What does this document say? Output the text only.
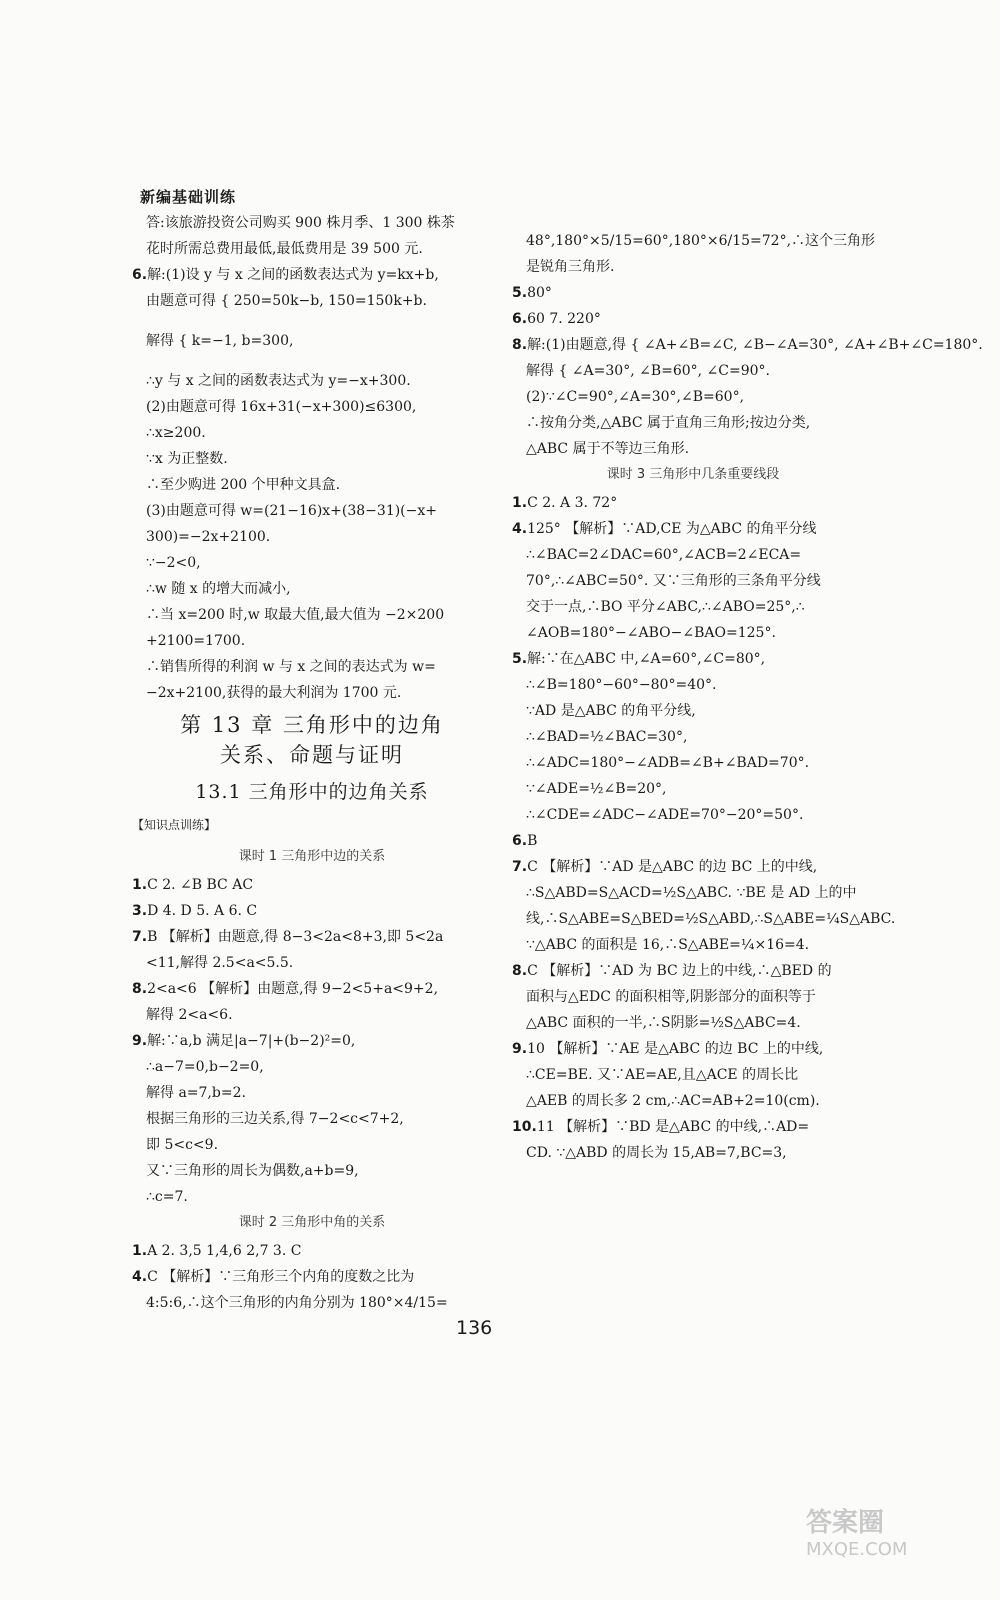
新编基础训练
答:该旅游投资公司购买 900 株月季、1 300 株茶
花时所需总费用最低,最低费用是 39 500 元.
6.解:(1)设 y 与 x 之间的函数表达式为 y=kx+b,
由题意可得 { 250=50k−b, 150=150k+b.
解得 { k=−1, b=300,
∴y 与 x 之间的函数表达式为 y=−x+300.
(2)由题意可得 16x+31(−x+300)≤6300,
∴x≥200.
∵x 为正整数.
∴至少购进 200 个甲种文具盒.
(3)由题意可得 w=(21−16)x+(38−31)(−x+
300)=−2x+2100.
∵−2<0,
∴w 随 x 的增大而减小,
∴当 x=200 时,w 取最大值,最大值为 −2×200
+2100=1700.
∴销售所得的利润 w 与 x 之间的表达式为 w=
−2x+2100,获得的最大利润为 1700 元.
第 13 章 三角形中的边角
关系、命题与证明
13.1 三角形中的边角关系
【知识点训练】
课时 1 三角形中边的关系
1.C 2. ∠B BC AC
3.D 4. D 5. A 6. C
7.B 【解析】由题意,得 8−3<2a<8+3,即 5<2a
<11,解得 2.5<a<5.5.
8.2<a<6 【解析】由题意,得 9−2<5+a<9+2,
解得 2<a<6.
9.解:∵a,b 满足|a−7|+(b−2)²=0,
∴a−7=0,b−2=0,
解得 a=7,b=2.
根据三角形的三边关系,得 7−2<c<7+2,
即 5<c<9.
又∵三角形的周长为偶数,a+b=9,
∴c=7.
课时 2 三角形中角的关系
1.A 2. 3,5 1,4,6 2,7 3. C
4.C 【解析】∵三角形三个内角的度数之比为
4:5:6,∴这个三角形的内角分别为 180°×4/15=
48°,180°×5/15=60°,180°×6/15=72°,∴这个三角形
是锐角三角形.
5.80°
6.60 7. 220°
8.解:(1)由题意,得 { ∠A+∠B=∠C, ∠B−∠A=30°, ∠A+∠B+∠C=180°.
解得 { ∠A=30°, ∠B=60°, ∠C=90°.
(2)∵∠C=90°,∠A=30°,∠B=60°,
∴按角分类,△ABC 属于直角三角形;按边分类,
△ABC 属于不等边三角形.
课时 3 三角形中几条重要线段
1.C 2. A 3. 72°
4.125° 【解析】∵AD,CE 为△ABC 的角平分线
∴∠BAC=2∠DAC=60°,∠ACB=2∠ECA=
70°,∴∠ABC=50°. 又∵三角形的三条角平分线
交于一点,∴BO 平分∠ABC,∴∠ABO=25°,∴
∠AOB=180°−∠ABO−∠BAO=125°.
5.解:∵在△ABC 中,∠A=60°,∠C=80°,
∴∠B=180°−60°−80°=40°.
∵AD 是△ABC 的角平分线,
∴∠BAD=½∠BAC=30°,
∴∠ADC=180°−∠ADB=∠B+∠BAD=70°.
∵∠ADE=½∠B=20°,
∴∠CDE=∠ADC−∠ADE=70°−20°=50°.
6.B
7.C 【解析】∵AD 是△ABC 的边 BC 上的中线,
∴S△ABD=S△ACD=½S△ABC. ∵BE 是 AD 上的中
线,∴S△ABE=S△BED=½S△ABD,∴S△ABE=¼S△ABC.
∵△ABC 的面积是 16,∴S△ABE=¼×16=4.
8.C 【解析】∵AD 为 BC 边上的中线,∴△BED 的
面积与△EDC 的面积相等,阴影部分的面积等于
△ABC 面积的一半,∴S阴影=½S△ABC=4.
9.10 【解析】∵AE 是△ABC 的边 BC 上的中线,
∴CE=BE. 又∵AE=AE,且△ACE 的周长比
△AEB 的周长多 2 cm,∴AC=AB+2=10(cm).
10.11 【解析】∵BD 是△ABC 的中线,∴AD=
CD. ∵△ABD 的周长为 15,AB=7,BC=3,
136
答案圈
MXQE.COM
